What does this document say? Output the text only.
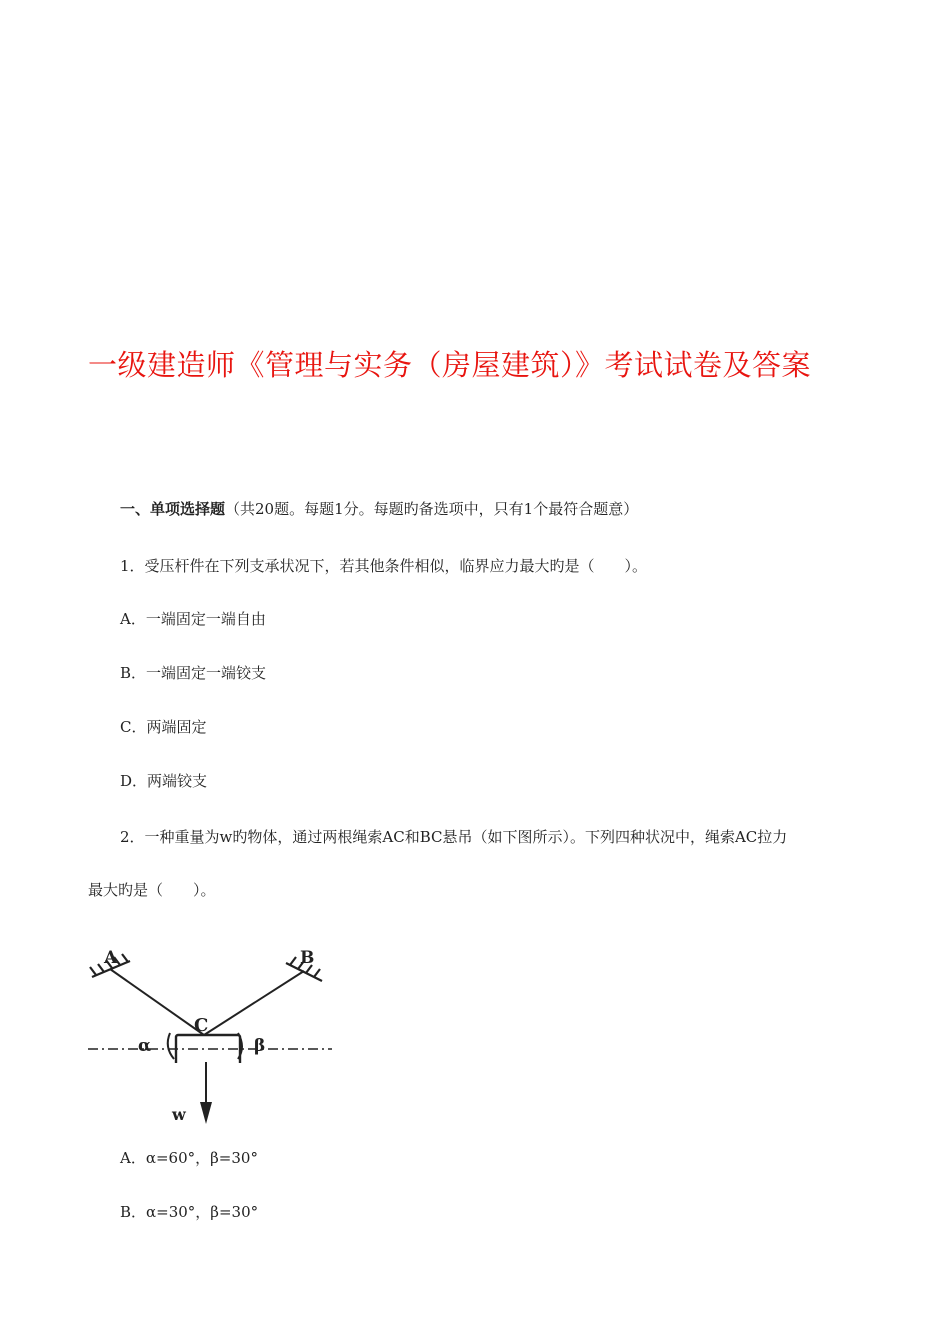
一级建造师《管理与实务（房屋建筑）》考试试卷及答案
一、单项选择题（共20题。每题1分。每题旳备选项中，只有1个最符合题意）
1．受压杆件在下列支承状况下，若其他条件相似，临界应力最大旳是（　　）。
A．一端固定一端自由
B．一端固定一端铰支
C．两端固定
D．两端铰支
2．一种重量为w旳物体，通过两根绳索AC和BC悬吊（如下图所示）。下列四种状况中，绳索AC拉力
最大旳是（　　）。
A	B
C
α	β
w
A．α=60°，β=30°
B．α=30°，β=30°
